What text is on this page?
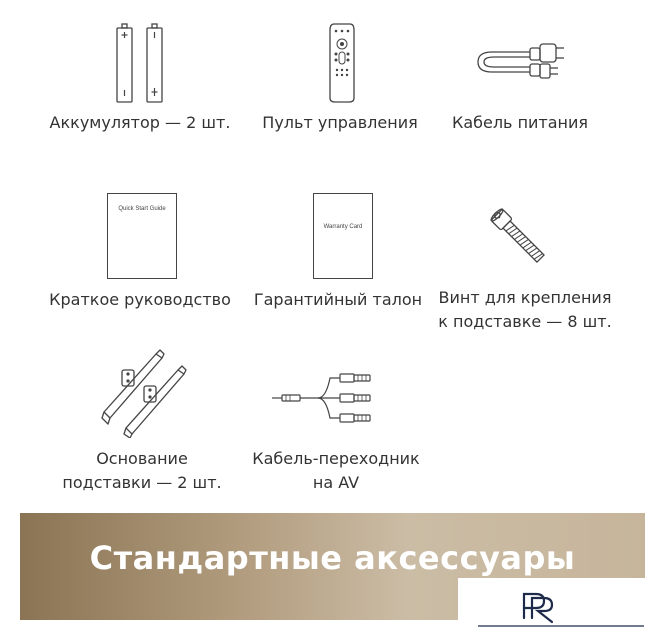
Аккумулятор — 2 шт.	Пульт управления	Кабель питания
Quick Start Guide
Краткое руководство
Warranty Card
Гарантийный талон	Винт для крепления
к подставке — 8 шт.
Основание
подставки — 2 шт.
Кабель-переходник
на AV
Стандартные аксессуары
